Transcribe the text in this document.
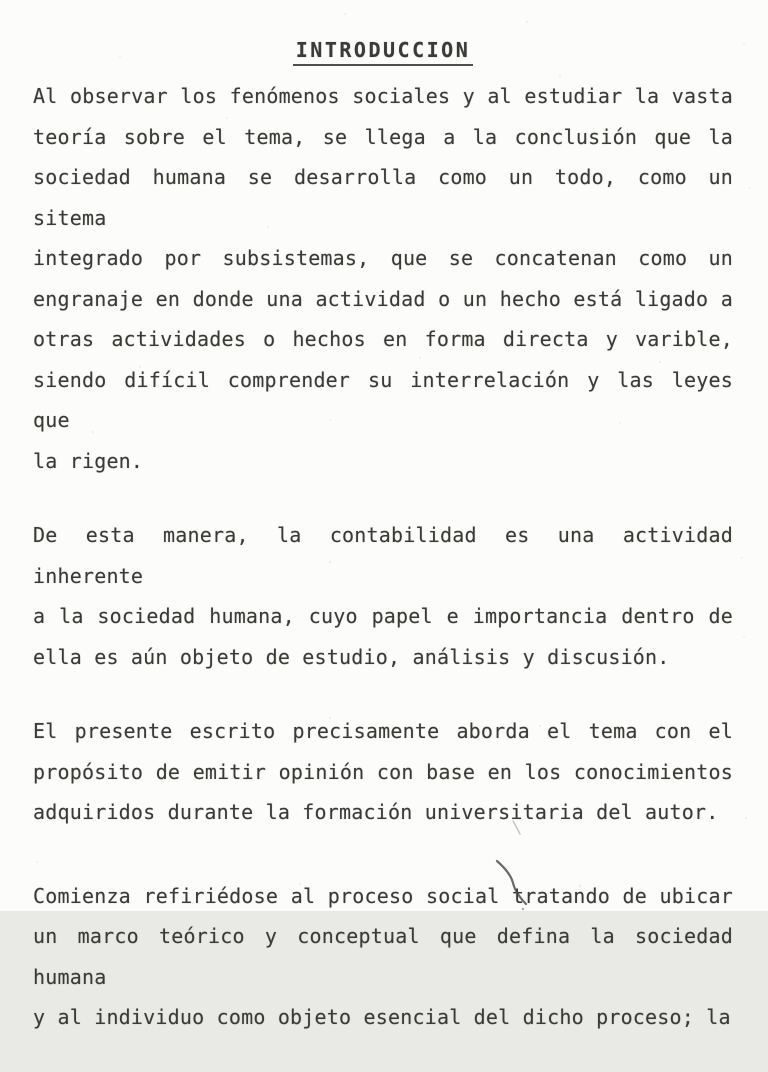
INTRODUCCION
Al observar los fenómenos sociales y al estudiar la vasta
teoría sobre el tema, se llega a la conclusión que la
sociedad humana se desarrolla como un todo, como un sitema
integrado por subsistemas, que se concatenan como un
engranaje en donde una actividad o un hecho está ligado a
otras actividades o hechos en forma directa y varible,
siendo difícil comprender su interrelación y las leyes que
la rigen.
De esta manera, la contabilidad es una actividad inherente
a la sociedad humana, cuyo papel e importancia dentro de
ella es aún objeto de estudio, análisis y discusión.
El presente escrito precisamente aborda el tema con el
propósito de emitir opinión con base en los conocimientos
adquiridos durante la formación universitaria del autor.
Comienza refiriédose al proceso social tratando de ubicar
un marco teórico y conceptual que defina la sociedad humana
y al individuo como objeto esencial del dicho proceso; la
